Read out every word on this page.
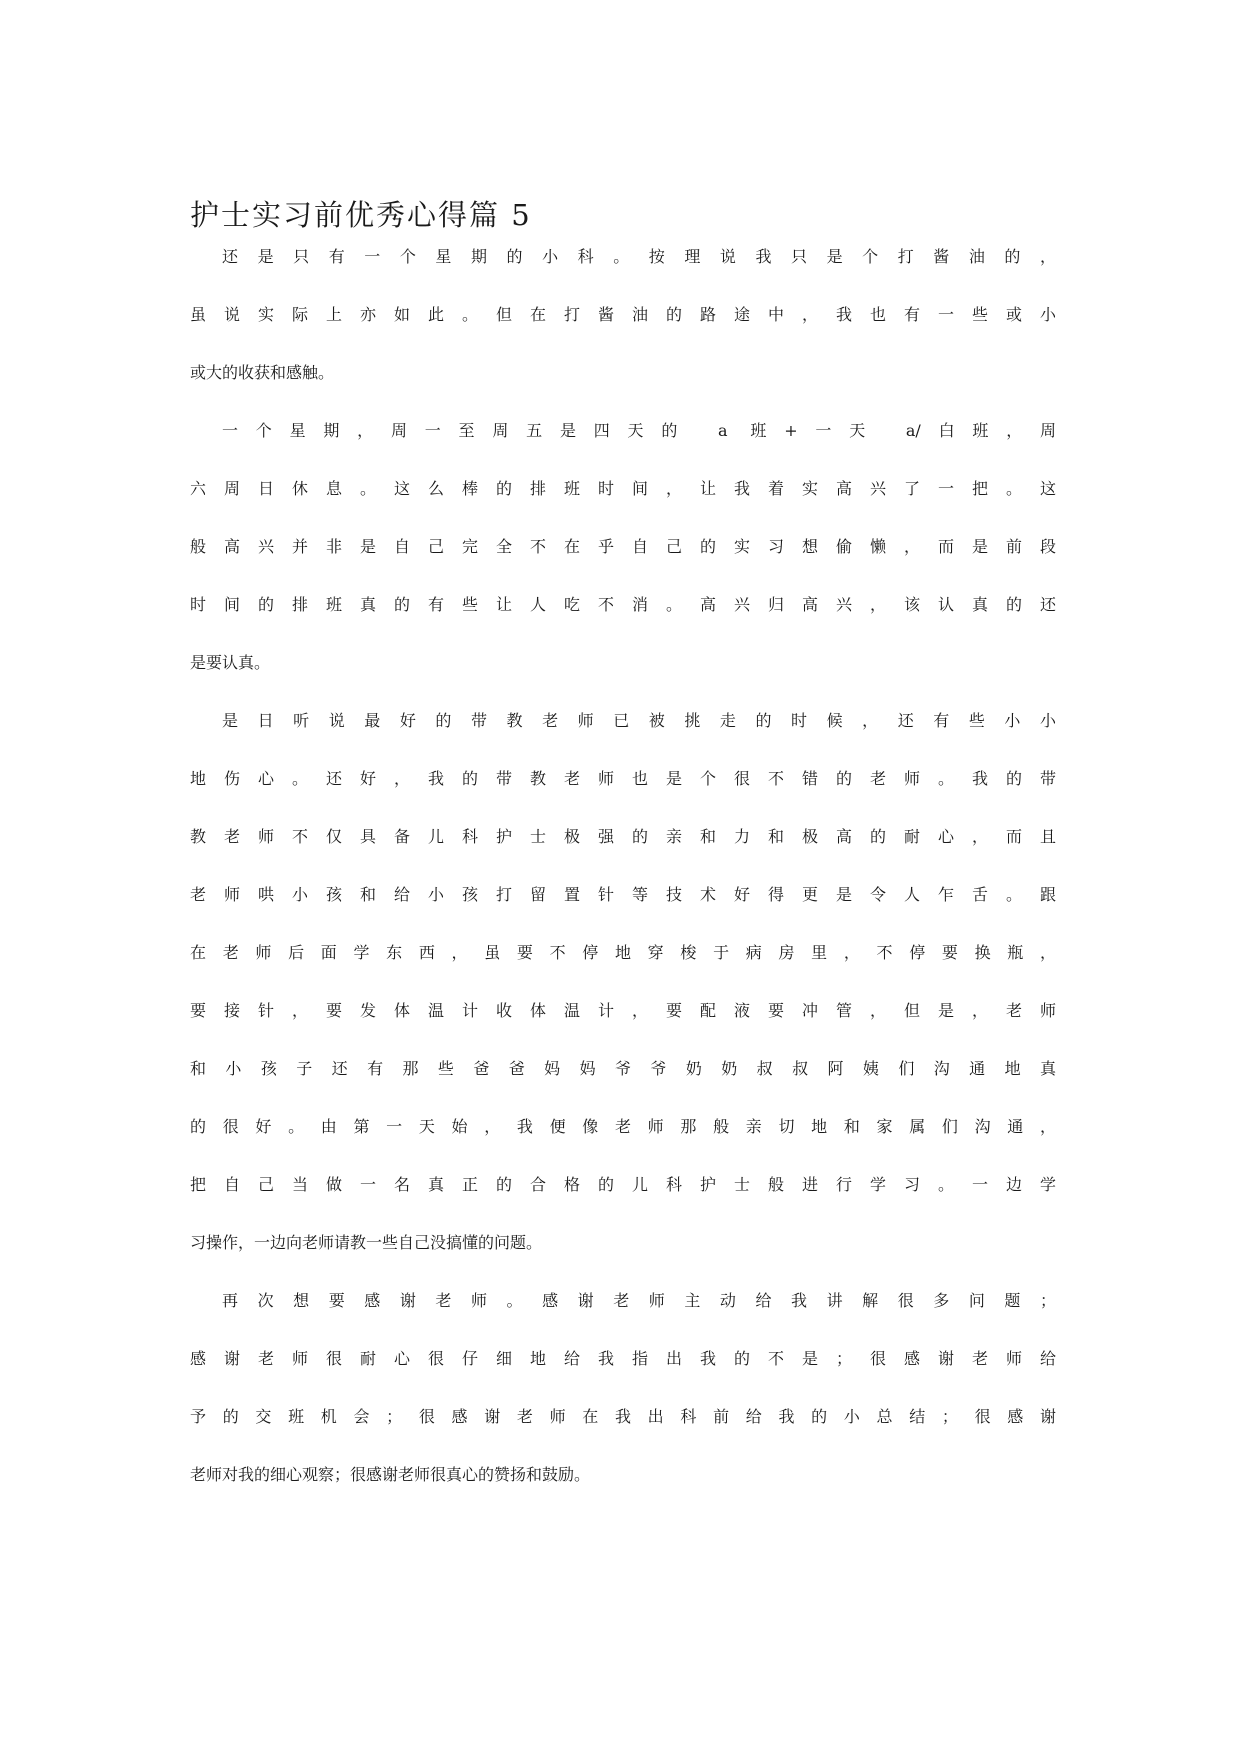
护士实习前优秀心得篇 5
还是只有一个星期的小科。按理说我只是个打酱油的，
虽说实际上亦如此。但在打酱油的路途中，我也有一些或小
或大的收获和感触。
一个星期，周一至周五是四天的 a 班+一天 a/白班，周
六周日休息。这么棒的排班时间，让我着实高兴了一把。这
般高兴并非是自己完全不在乎自己的实习想偷懒，而是前段
时间的排班真的有些让人吃不消。高兴归高兴，该认真的还
是要认真。
是日听说最好的带教老师已被挑走的时候，还有些小小
地伤心。还好，我的带教老师也是个很不错的老师。我的带
教老师不仅具备儿科护士极强的亲和力和极高的耐心，而且
老师哄小孩和给小孩打留置针等技术好得更是令人乍舌。跟
在老师后面学东西，虽要不停地穿梭于病房里，不停要换瓶，
要接针，要发体温计收体温计，要配液要冲管，但是，老师
和小孩子还有那些爸爸妈妈爷爷奶奶叔叔阿姨们沟通地真
的很好。由第一天始，我便像老师那般亲切地和家属们沟通，
把自己当做一名真正的合格的儿科护士般进行学习。一边学
习操作，一边向老师请教一些自己没搞懂的问题。
再次想要感谢老师。感谢老师主动给我讲解很多问题；
感谢老师很耐心很仔细地给我指出我的不是；很感谢老师给
予的交班机会；很感谢老师在我出科前给我的小总结；很感谢
老师对我的细心观察；很感谢老师很真心的赞扬和鼓励。
